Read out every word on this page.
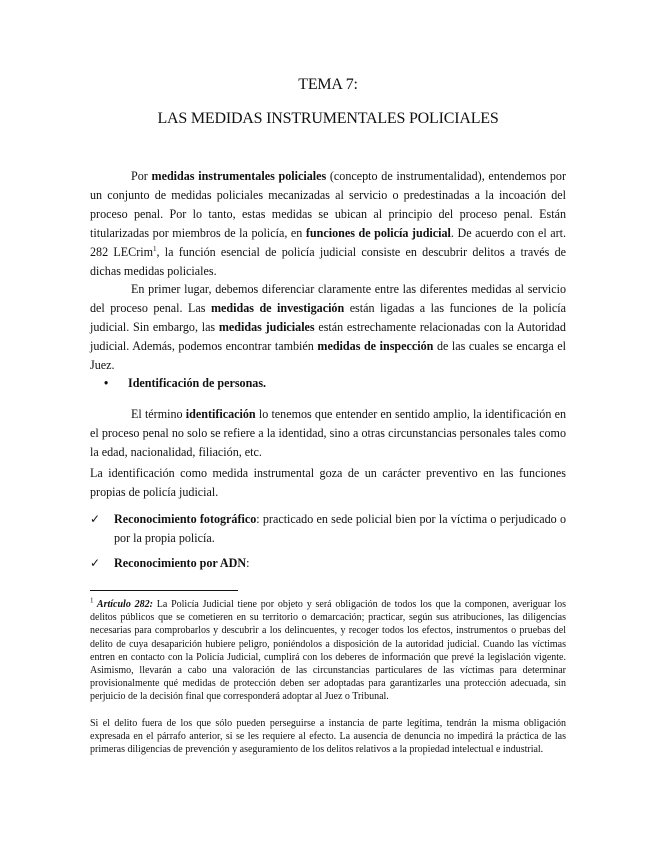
TEMA 7:
LAS MEDIDAS INSTRUMENTALES POLICIALES

Por medidas instrumentales policiales (concepto de instrumentalidad), entendemos por un conjunto de medidas policiales mecanizadas al servicio o predestinadas a la incoación del proceso penal. Por lo tanto, estas medidas se ubican al principio del proceso penal. Están titularizadas por miembros de la policía, en funciones de policía judicial. De acuerdo con el art. 282 LECrim$^1$, la función esencial de policía judicial consiste en descubrir delitos a través de dichas medidas policiales.

En primer lugar, debemos diferenciar claramente entre las diferentes medidas al servicio del proceso penal. Las medidas de investigación están ligadas a las funciones de la policía judicial. Sin embargo, las medidas judiciales están estrechamente relacionadas con la Autoridad judicial. Además, podemos encontrar también medidas de inspección de las cuales se encarga el Juez.

• Identificación de personas.

El término identificación lo tenemos que entender en sentido amplio, la identificación en el proceso penal no solo se refiere a la identidad, sino a otras circunstancias personales tales como la edad, nacionalidad, filiación, etc.

La identificación como medida instrumental goza de un carácter preventivo en las funciones propias de policía judicial.

✓ Reconocimiento fotográfico: practicado en sede policial bien por la víctima o perjudicado o por la propia policía.
✓ Reconocimiento por ADN:

$^1$ Artículo 282: La Policía Judicial tiene por objeto y será obligación de todos los que la componen, averiguar los delitos públicos que se cometieren en su territorio o demarcación; practicar, según sus atribuciones, las diligencias necesarias para comprobarlos y descubrir a los delincuentes, y recoger todos los efectos, instrumentos o pruebas del delito de cuya desaparición hubiere peligro, poniéndolos a disposición de la autoridad judicial. Cuando las víctimas entren en contacto con la Policía Judicial, cumplirá con los deberes de información que prevé la legislación vigente. Asimismo, llevarán a cabo una valoración de las circunstancias particulares de las víctimas para determinar provisionalmente qué medidas de protección deben ser adoptadas para garantizarles una protección adecuada, sin perjuicio de la decisión final que corresponderá adoptar al Juez o Tribunal.

Si el delito fuera de los que sólo pueden perseguirse a instancia de parte legítima, tendrán la misma obligación expresada en el párrafo anterior, si se les requiere al efecto. La ausencia de denuncia no impedirá la práctica de las primeras diligencias de prevención y aseguramiento de los delitos relativos a la propiedad intelectual e industrial.
